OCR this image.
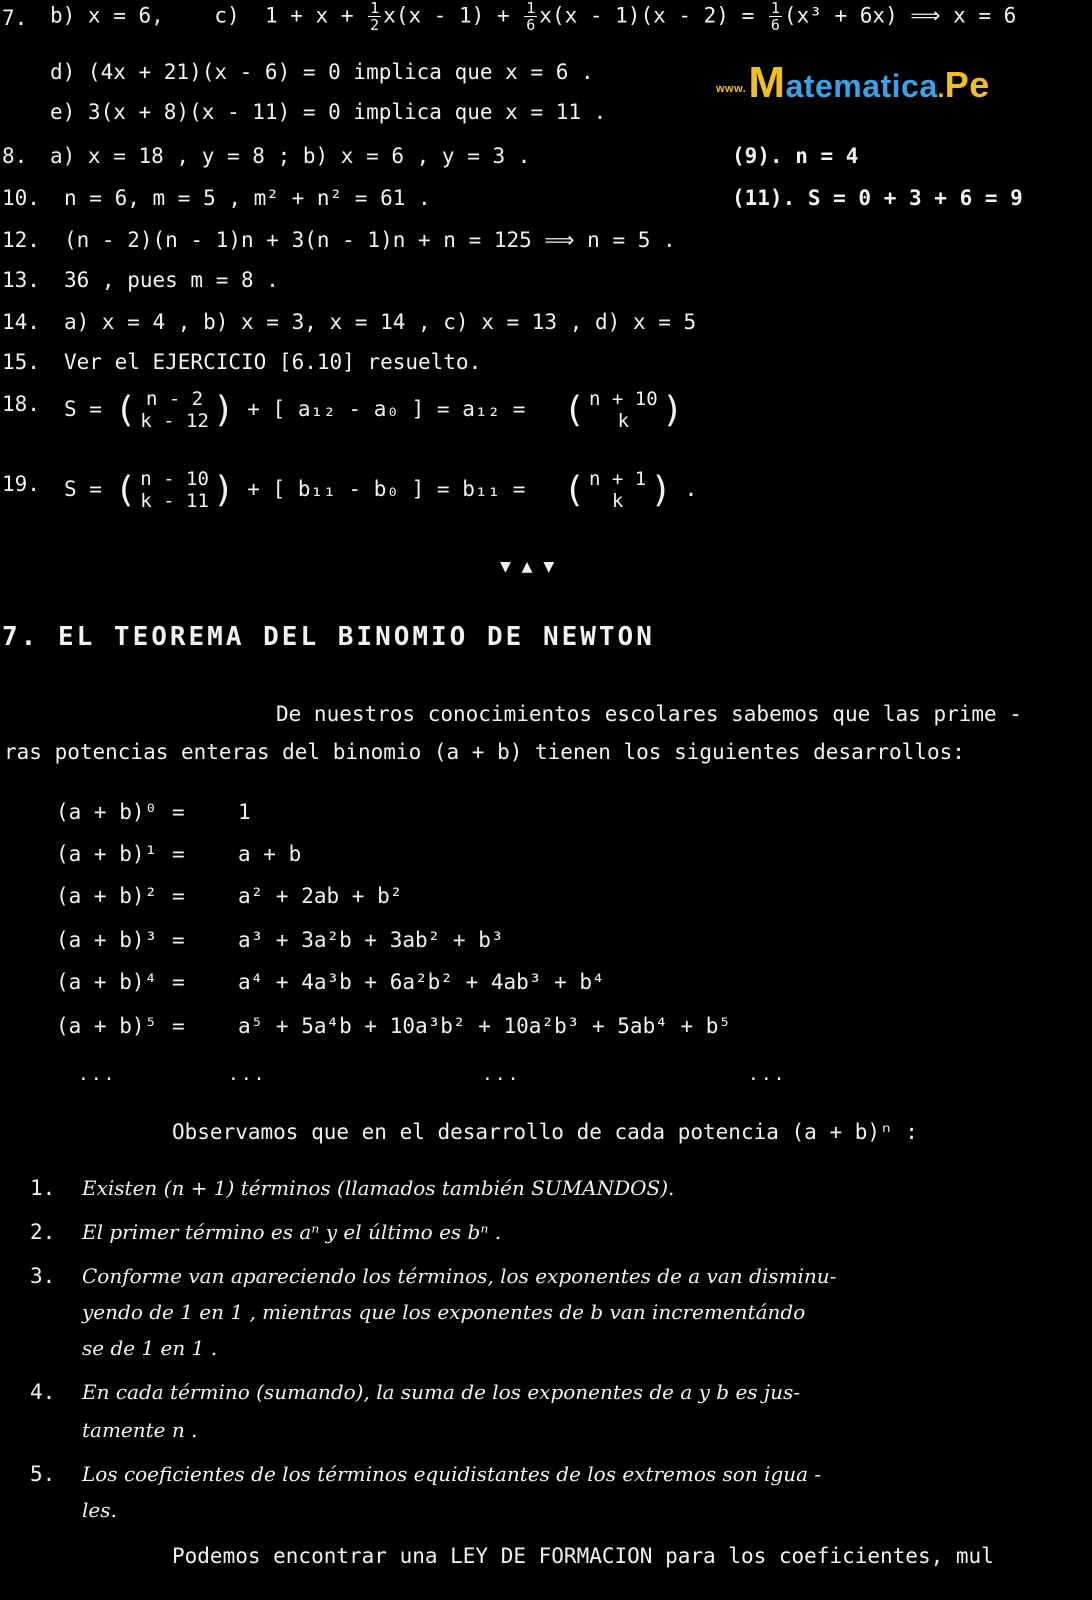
www.Matematica.Pe
7. b) x = 6, c) $1 + x + \frac{1}{2} x(x - 1) + \frac{1}{6} x(x - 1)(x - 2) = \frac{1}{6} (x^3 + 6x)$ ⟹ x = 6
d) (4x + 21)(x - 6) = 0 implica que x = 6 .
e) 3(x + 8)(x - 11) = 0 implica que x = 11 .
8. a) x = 18 , y = 8 ; b) x = 6 , y = 3 .	(9). n = 4
10. n = 6, m = 5 , m² + n² = 61 .	(11). S = 0 + 3 + 6 = 9
12. (n - 2)(n - 1)n + 3(n - 1)n + n = 125 ⟹ n = 5 .
13. 36 , pues m = 8 .
14. a) x = 4 , b) x = 3, x = 14 , c) x = 13 , d) x = 5
15. Ver el EJERCICIO [6.10] resuelto.
18. S = ( n - 2
k - 12 ) + [ a₁₂ - a₀ ] = a₁₂ = ( n + 10
k )
19. S = ( n - 10
k - 11 ) + [ b₁₁ - b₀ ] = b₁₁ = ( n + 1
k ) .
▼ ▲ ▼
7. EL TEOREMA DEL BINOMIO DE NEWTON
De nuestros conocimientos escolares sabemos que las prime -
ras potencias enteras del binomio (a + b) tienen los siguientes desarrollos:
(a + b)⁰ =	1
(a + b)¹ =	a + b
(a + b)² =	a² + 2ab + b²
(a + b)³ =	a³ + 3a²b + 3ab² + b³
(a + b)⁴ =	a⁴ + 4a³b + 6a²b² + 4ab³ + b⁴
(a + b)⁵ =	a⁵ + 5a⁴b + 10a³b² + 10a²b³ + 5ab⁴ + b⁵
...	...	...	...
Observamos que en el desarrollo de cada potencia (a + b)ⁿ :
1. Existen (n + 1) términos (llamados también SUMANDOS).
2. El primer término es aⁿ y el último es bⁿ .
3. Conforme van apareciendo los términos, los exponentes de a van disminu-
yendo de 1 en 1 , mientras que los exponentes de b van incrementándo
se de 1 en 1 .
4. En cada término (sumando), la suma de los exponentes de a y b es jus-
tamente n .
5. Los coeficientes de los términos equidistantes de los extremos son igua -
les.
Podemos encontrar una LEY DE FORMACION para los coeficientes, mul
